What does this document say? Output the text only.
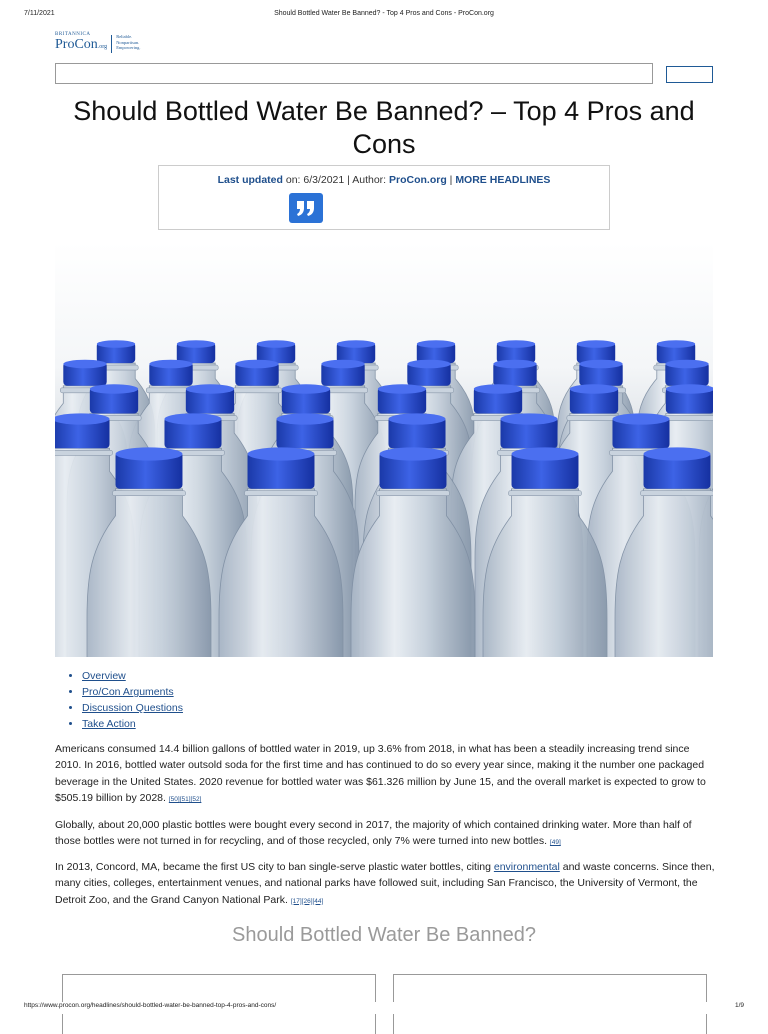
7/11/2021	Should Bottled Water Be Banned? - Top 4 Pros and Cons - ProCon.org
BRITANNICA
ProCon.org
Reliable.
Nonpartisan.
Empowering.
Should Bottled Water Be Banned? – Top 4 Pros and Cons
Last updated on: 6/3/2021 | Author: ProCon.org | MORE HEADLINES
• Overview
• Pro/Con Arguments
• Discussion Questions
• Take Action

Americans consumed 14.4 billion gallons of bottled water in 2019, up 3.6% from 2018, in what has been a steadily increasing trend since 2010. In 2016, bottled water outsold soda for the first time and has continued to do so every year since, making it the number one packaged beverage in the United States. 2020 revenue for bottled water was $61.326 million by June 15, and the overall market is expected to grow to $505.19 billion by 2028. [50][51][52]

Globally, about 20,000 plastic bottles were bought every second in 2017, the majority of which contained drinking water. More than half of those bottles were not turned in for recycling, and of those recycled, only 7% were turned into new bottles. [49]

In 2013, Concord, MA, became the first US city to ban single-serve plastic water bottles, citing environmental and waste concerns. Since then, many cities, colleges, entertainment venues, and national parks have followed suit, including San Francisco, the University of Vermont, the Detroit Zoo, and the Grand Canyon National Park. [17][26][44]

Should Bottled Water Be Banned?
https://www.procon.org/headlines/should-bottled-water-be-banned-top-4-pros-and-cons/	1/9
